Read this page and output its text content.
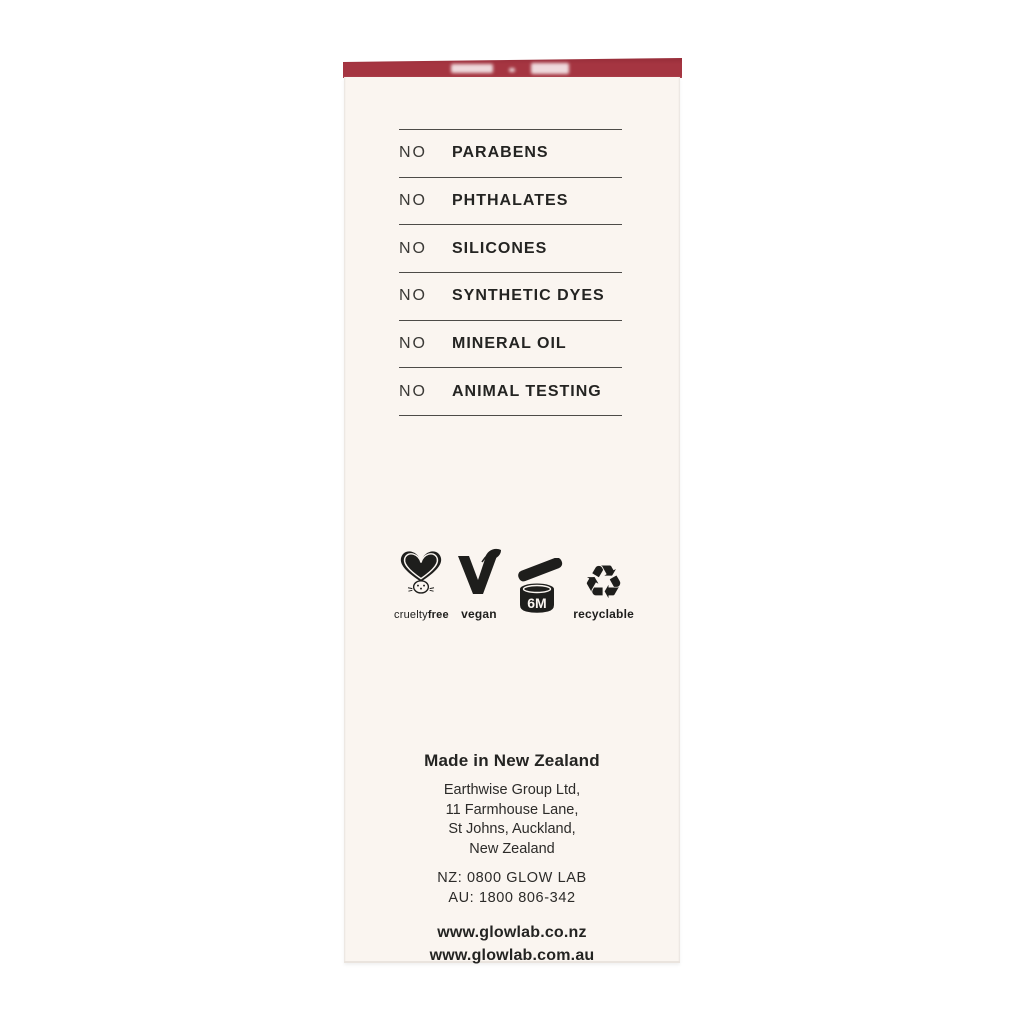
NO	PARABENS
NO	PHTHALATES
NO	SILICONES
NO	SYNTHETIC DYES
NO	MINERAL OIL
NO	ANIMAL TESTING
crueltyfree vegan
6M ♻
recyclable
Made in New Zealand
Earthwise Group Ltd,
11 Farmhouse Lane,
St Johns, Auckland,
New Zealand
NZ: 0800 GLOW LAB
AU: 1800 806-342
www.glowlab.co.nz
www.glowlab.com.au
